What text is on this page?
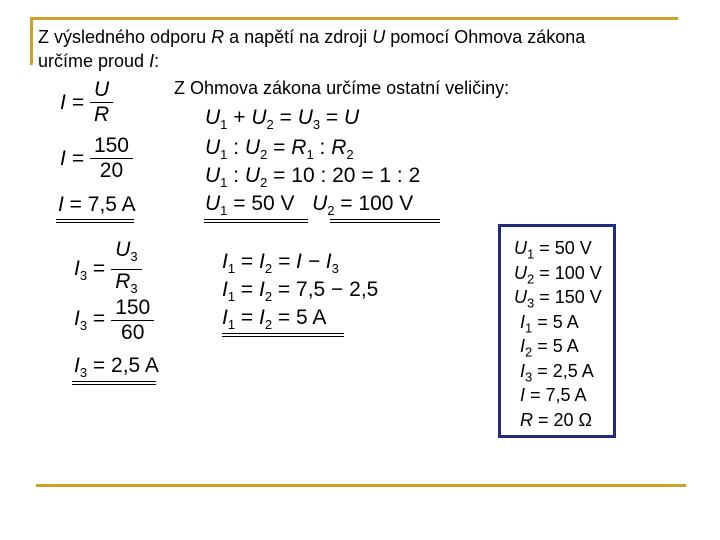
Z výsledného odporu R a napětí na zdroji U pomocí Ohmova zákona
určíme proud I:
Z Ohmova zákona určíme ostatní veličiny:
$I = \frac{U}{R}$
$I = \frac{150}{20}$
I = 7,5 A
$I_3 = \frac{U_3}{R_3}$
$I_3 = \frac{150}{60}$
$I_3 = 2,5$ A
$U_1 + U_2 = U_3 = U$
$U_1$ : $U_2 = R_1$ : $R_2$
$U_1$ : $U_2 = 10$ : 20 = 1 : 2
$U_1 = 50$ V $U_2 = 100$ V
$I_1 = I_2 = I - I_3$
$I_1 = I_2 = 7,5 - 2,5$
$I_1 = I_2 = 5$ A
$U_1 = 50$ V
$U_2 = 100$ V
$U_3 = 150$ V
$I_1 = 5$ A
$I_2 = 5$ A
$I_3 = 2,5$ A
I = 7,5 A
R = 20 Ω
